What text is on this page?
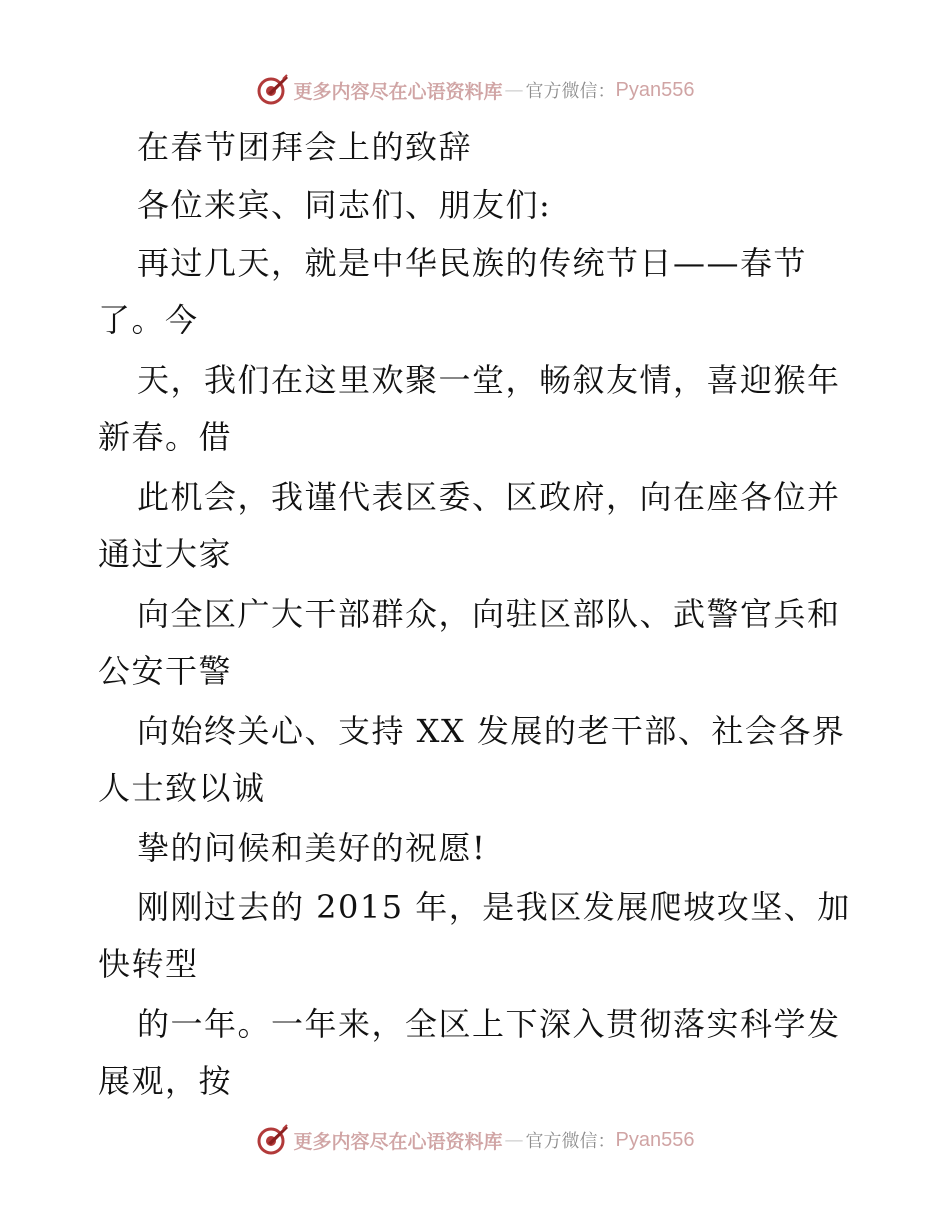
更多内容尽在心语资料库 — 官方微信： Pyan556
在春节团拜会上的致辞
各位来宾、同志们、朋友们:
再过几天，就是中华民族的传统节日——春节
了。今
天，我们在这里欢聚一堂，畅叙友情，喜迎猴年
新春。借
此机会，我谨代表区委、区政府，向在座各位并
通过大家
向全区广大干部群众，向驻区部队、武警官兵和
公安干警
向始终关心、支持 XX 发展的老干部、社会各界
人士致以诚
挚的问候和美好的祝愿!
刚刚过去的 2015 年，是我区发展爬坡攻坚、加
快转型
的一年。一年来，全区上下深入贯彻落实科学发
展观，按
更多内容尽在心语资料库 — 官方微信： Pyan556
